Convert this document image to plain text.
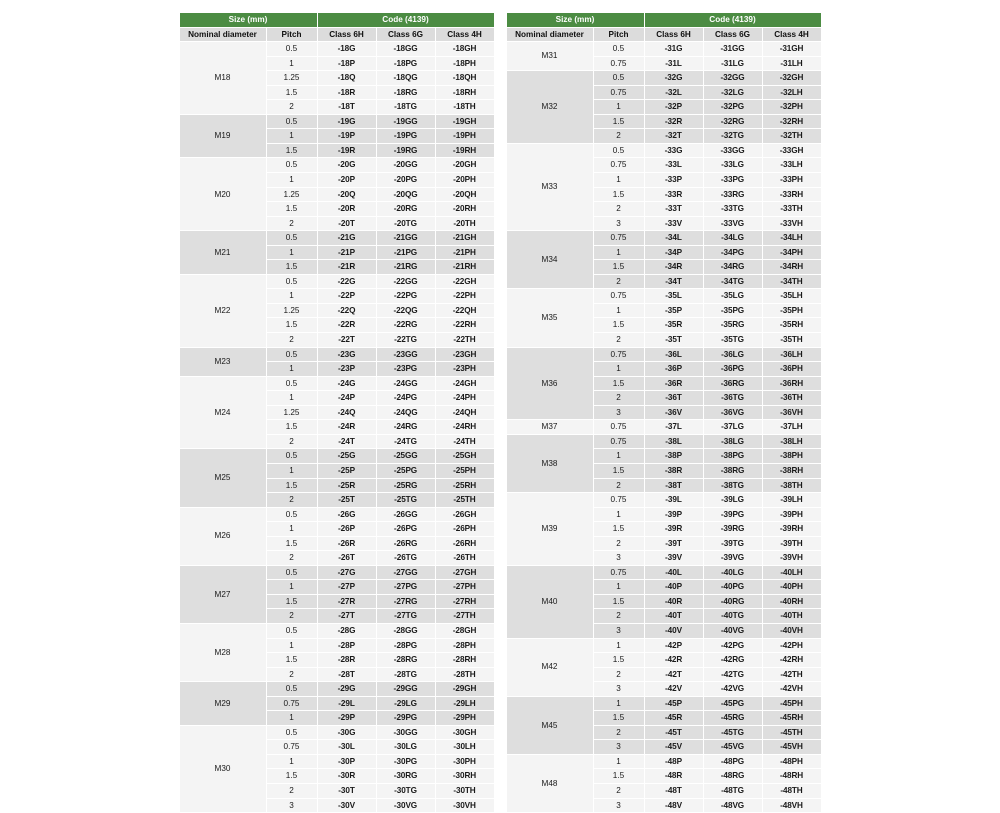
Size (mm)		Code (4139)		
Nominal diameter	Pitch	Class 6H	Class 6G	Class 4H
M18	0.5	-18G	-18GG	-18GH
	1	-18P	-18PG	-18PH
	1.25	-18Q	-18QG	-18QH
	1.5	-18R	-18RG	-18RH
	2	-18T	-18TG	-18TH
M19	0.5	-19G	-19GG	-19GH
	1	-19P	-19PG	-19PH
	1.5	-19R	-19RG	-19RH
M20	0.5	-20G	-20GG	-20GH
	1	-20P	-20PG	-20PH
	1.25	-20Q	-20QG	-20QH
	1.5	-20R	-20RG	-20RH
	2	-20T	-20TG	-20TH
M21	0.5	-21G	-21GG	-21GH
	1	-21P	-21PG	-21PH
	1.5	-21R	-21RG	-21RH
M22	0.5	-22G	-22GG	-22GH
	1	-22P	-22PG	-22PH
	1.25	-22Q	-22QG	-22QH
	1.5	-22R	-22RG	-22RH
	2	-22T	-22TG	-22TH
M23	0.5	-23G	-23GG	-23GH
	1	-23P	-23PG	-23PH
M24	0.5	-24G	-24GG	-24GH
	1	-24P	-24PG	-24PH
	1.25	-24Q	-24QG	-24QH
	1.5	-24R	-24RG	-24RH
	2	-24T	-24TG	-24TH
M25	0.5	-25G	-25GG	-25GH
	1	-25P	-25PG	-25PH
	1.5	-25R	-25RG	-25RH
	2	-25T	-25TG	-25TH
M26	0.5	-26G	-26GG	-26GH
	1	-26P	-26PG	-26PH
	1.5	-26R	-26RG	-26RH
	2	-26T	-26TG	-26TH
M27	0.5	-27G	-27GG	-27GH
	1	-27P	-27PG	-27PH
	1.5	-27R	-27RG	-27RH
	2	-27T	-27TG	-27TH
M28	0.5	-28G	-28GG	-28GH
	1	-28P	-28PG	-28PH
	1.5	-28R	-28RG	-28RH
	2	-28T	-28TG	-28TH
M29	0.5	-29G	-29GG	-29GH
	0.75	-29L	-29LG	-29LH
	1	-29P	-29PG	-29PH
M30	0.5	-30G	-30GG	-30GH
	0.75	-30L	-30LG	-30LH
	1	-30P	-30PG	-30PH
	1.5	-30R	-30RG	-30RH
	2	-30T	-30TG	-30TH
	3	-30V	-30VG	-30VH
Size (mm)		Code (4139)		
Nominal diameter	Pitch	Class 6H	Class 6G	Class 4H
M31	0.5	-31G	-31GG	-31GH
	0.75	-31L	-31LG	-31LH
M32	0.5	-32G	-32GG	-32GH
	0.75	-32L	-32LG	-32LH
	1	-32P	-32PG	-32PH
	1.5	-32R	-32RG	-32RH
	2	-32T	-32TG	-32TH
M33	0.5	-33G	-33GG	-33GH
	0.75	-33L	-33LG	-33LH
	1	-33P	-33PG	-33PH
	1.5	-33R	-33RG	-33RH
	2	-33T	-33TG	-33TH
	3	-33V	-33VG	-33VH
M34	0.75	-34L	-34LG	-34LH
	1	-34P	-34PG	-34PH
	1.5	-34R	-34RG	-34RH
	2	-34T	-34TG	-34TH
M35	0.75	-35L	-35LG	-35LH
	1	-35P	-35PG	-35PH
	1.5	-35R	-35RG	-35RH
	2	-35T	-35TG	-35TH
M36	0.75	-36L	-36LG	-36LH
	1	-36P	-36PG	-36PH
	1.5	-36R	-36RG	-36RH
	2	-36T	-36TG	-36TH
	3	-36V	-36VG	-36VH
M37	0.75	-37L	-37LG	-37LH
M38	0.75	-38L	-38LG	-38LH
	1	-38P	-38PG	-38PH
	1.5	-38R	-38RG	-38RH
	2	-38T	-38TG	-38TH
M39	0.75	-39L	-39LG	-39LH
	1	-39P	-39PG	-39PH
	1.5	-39R	-39RG	-39RH
	2	-39T	-39TG	-39TH
	3	-39V	-39VG	-39VH
M40	0.75	-40L	-40LG	-40LH
	1	-40P	-40PG	-40PH
	1.5	-40R	-40RG	-40RH
	2	-40T	-40TG	-40TH
	3	-40V	-40VG	-40VH
M42	1	-42P	-42PG	-42PH
	1.5	-42R	-42RG	-42RH
	2	-42T	-42TG	-42TH
	3	-42V	-42VG	-42VH
M45	1	-45P	-45PG	-45PH
	1.5	-45R	-45RG	-45RH
	2	-45T	-45TG	-45TH
	3	-45V	-45VG	-45VH
M48	1	-48P	-48PG	-48PH
	1.5	-48R	-48RG	-48RH
	2	-48T	-48TG	-48TH
	3	-48V	-48VG	-48VH
